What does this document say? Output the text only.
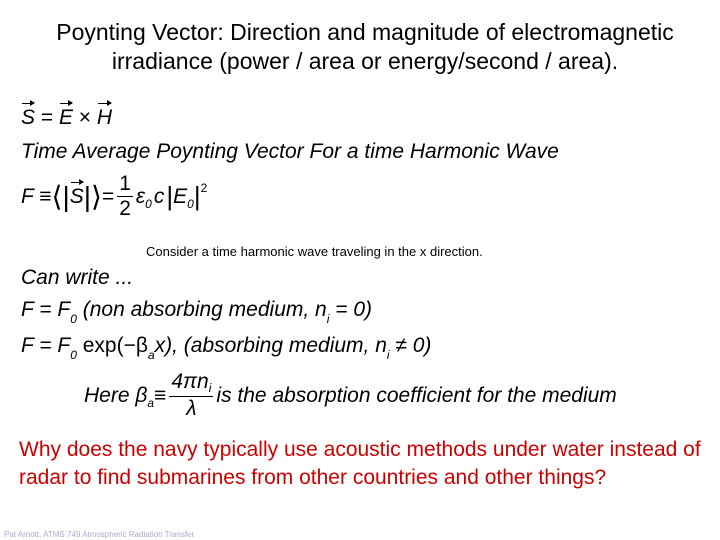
Poynting Vector: Direction and magnitude of electromagnetic irradiance (power / area or energy/second / area).
S = E × H
Time Average Poynting Vector For a time Harmonic Wave
F ≡ ⟨| S |⟩ = $\frac{1}{2}$ ε 0 c | E 0 | 2
Consider a time harmonic wave traveling in the x direction.
Can write ...
$F = F_0$ (non absorbing medium, $n_i = 0$)
$F = F_0$ $\exp(-\beta_ax)$, (absorbing medium, $n_i \ne 0$)
Here β $a \equiv \frac{\text{4πni}}{\lambda}$ is the absorption coefficient for the medium
Why does the navy typically use acoustic methods under water instead of radar to find submarines from other countries and other things?
Pat Arnott, ATMS 749 Atmospheric Radiation Transfer
